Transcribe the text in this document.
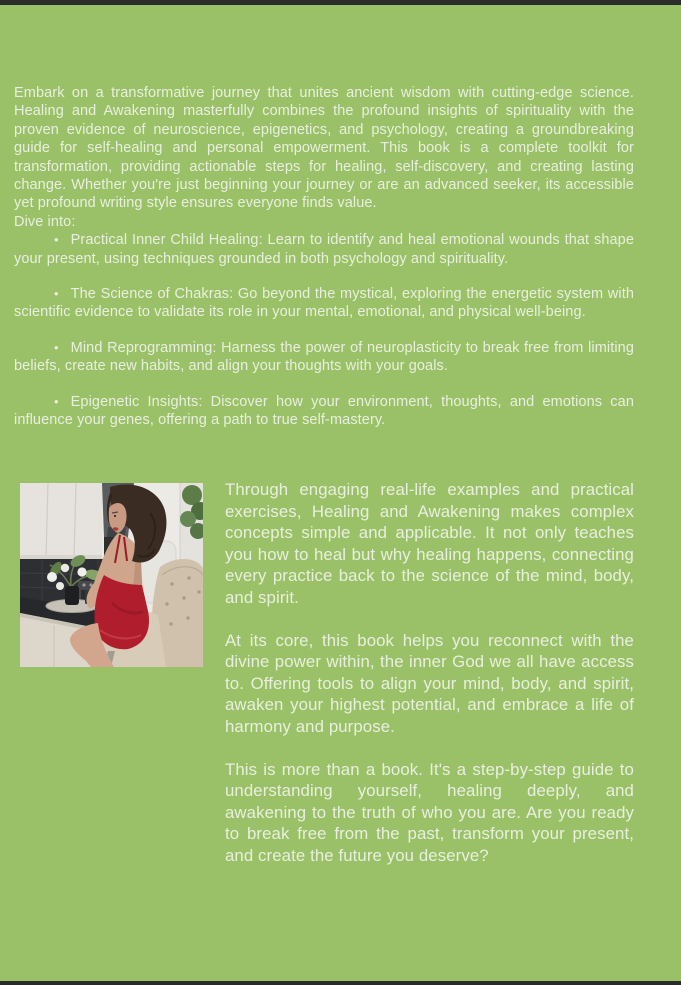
Embark on a transformative journey that unites ancient wisdom with cutting-edge science. Healing and Awakening masterfully combines the profound insights of spirituality with the proven evidence of neuroscience, epigenetics, and psychology, creating a groundbreaking guide for self-healing and personal empowerment. This book is a complete toolkit for transformation, providing actionable steps for healing, self-discovery, and creating lasting change. Whether you're just beginning your journey or are an advanced seeker, its accessible yet profound writing style ensures everyone finds value.

Dive into:

• Practical Inner Child Healing: Learn to identify and heal emotional wounds that shape your present, using techniques grounded in both psychology and spirituality.

• The Science of Chakras: Go beyond the mystical, exploring the energetic system with scientific evidence to validate its role in your mental, emotional, and physical well-being.

• Mind Reprogramming: Harness the power of neuroplasticity to break free from limiting beliefs, create new habits, and align your thoughts with your goals.

• Epigenetic Insights: Discover how your environment, thoughts, and emotions can influence your genes, offering a path to true self-mastery.

Through engaging real-life examples and practical exercises, Healing and Awakening makes complex concepts simple and applicable. It not only teaches you how to heal but why healing happens, connecting every practice back to the science of the mind, body, and spirit.

At its core, this book helps you reconnect with the divine power within, the inner God we all have access to. Offering tools to align your mind, body, and spirit, awaken your highest potential, and embrace a life of harmony and purpose.

This is more than a book. It's a step-by-step guide to understanding yourself, healing deeply, and awakening to the truth of who you are. Are you ready to break free from the past, transform your present, and create the future you deserve?
